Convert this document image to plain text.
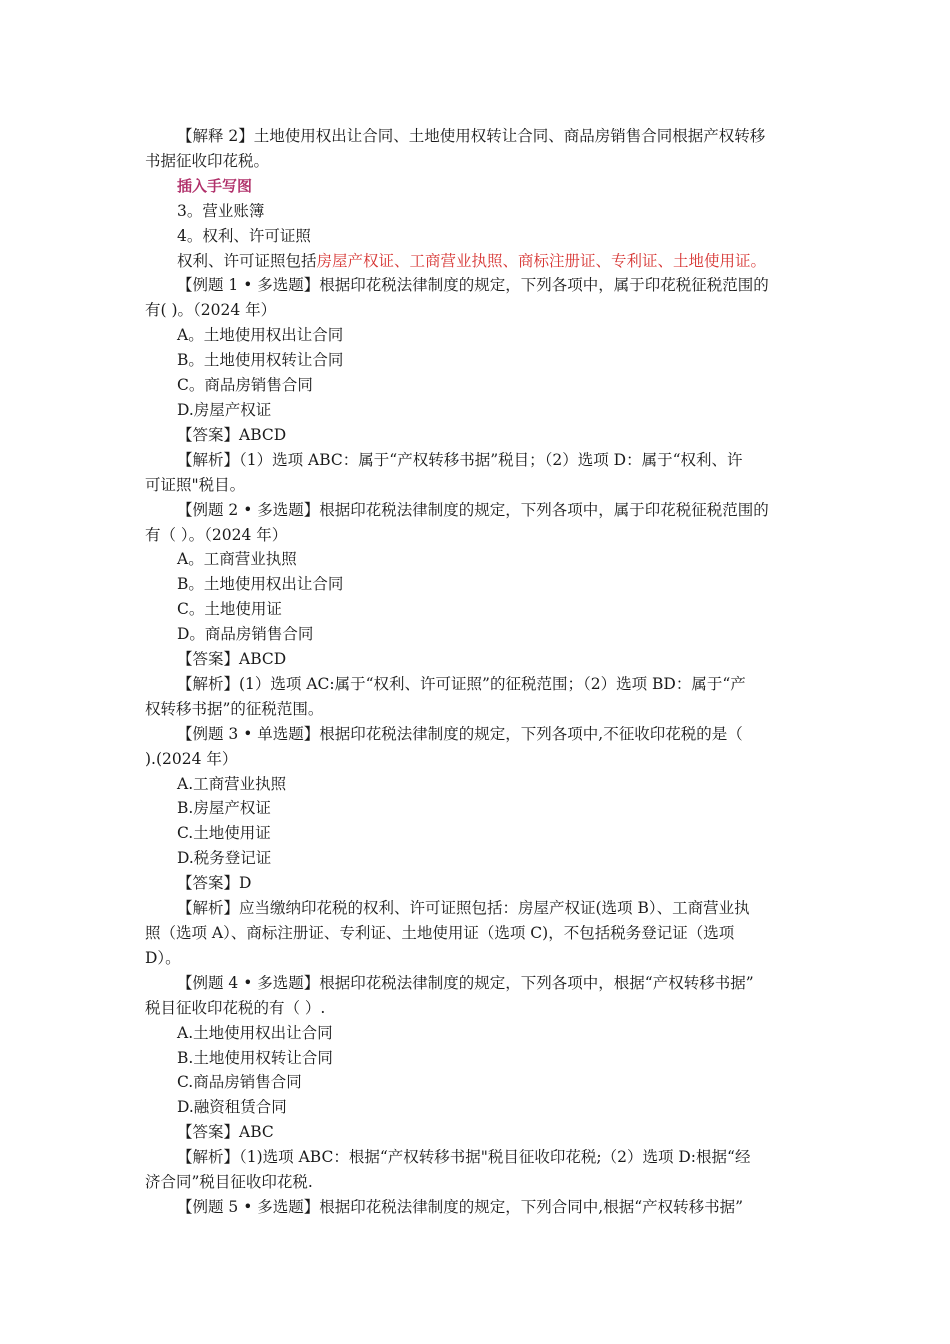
【解释 2】土地使用权出让合同、土地使用权转让合同、商品房销售合同根据产权转移

书据征收印花税。

插入手写图

3。营业账簿

4。权利、许可证照

权利、许可证照包括房屋产权证、工商营业执照、商标注册证、专利证、土地使用证。

【例题 1 • 多选题】根据印花税法律制度的规定，下列各项中，属于印花税征税范围的

有( )。（2024 年）

A。土地使用权出让合同

B。土地使用权转让合同

C。商品房销售合同

D.房屋产权证

【答案】ABCD

【解析】（1）选项 ABC：属于“产权转移书据”税目；（2）选项 D：属于“权利、许

可证照"税目。

【例题 2 • 多选题】根据印花税法律制度的规定，下列各项中，属于印花税征税范围的

有（ ）。（2024 年）

A。工商营业执照

B。土地使用权出让合同

C。土地使用证

D。商品房销售合同

【答案】ABCD

【解析】(1）选项 AC:属于“权利、许可证照”的征税范围；（2）选项 BD：属于“产

权转移书据”的征税范围。

【例题 3 • 单选题】根据印花税法律制度的规定，下列各项中,不征收印花税的是（

).(2024 年）

A.工商营业执照

B.房屋产权证

C.土地使用证

D.税务登记证

【答案】D

【解析】应当缴纳印花税的权利、许可证照包括：房屋产权证(选项 B）、工商营业执

照（选项 A）、商标注册证、专利证、土地使用证（选项 C)，不包括税务登记证（选项

D）。

【例题 4 • 多选题】根据印花税法律制度的规定，下列各项中，根据“产权转移书据”

税目征收印花税的有（ ）.

A.土地使用权出让合同

B.土地使用权转让合同

C.商品房销售合同

D.融资租赁合同

【答案】ABC

【解析】（1)选项 ABC：根据“产权转移书据"税目征收印花税;（2）选项 D:根据“经

济合同”税目征收印花税.

【例题 5 • 多选题】根据印花税法律制度的规定，下列合同中,根据“产权转移书据”
